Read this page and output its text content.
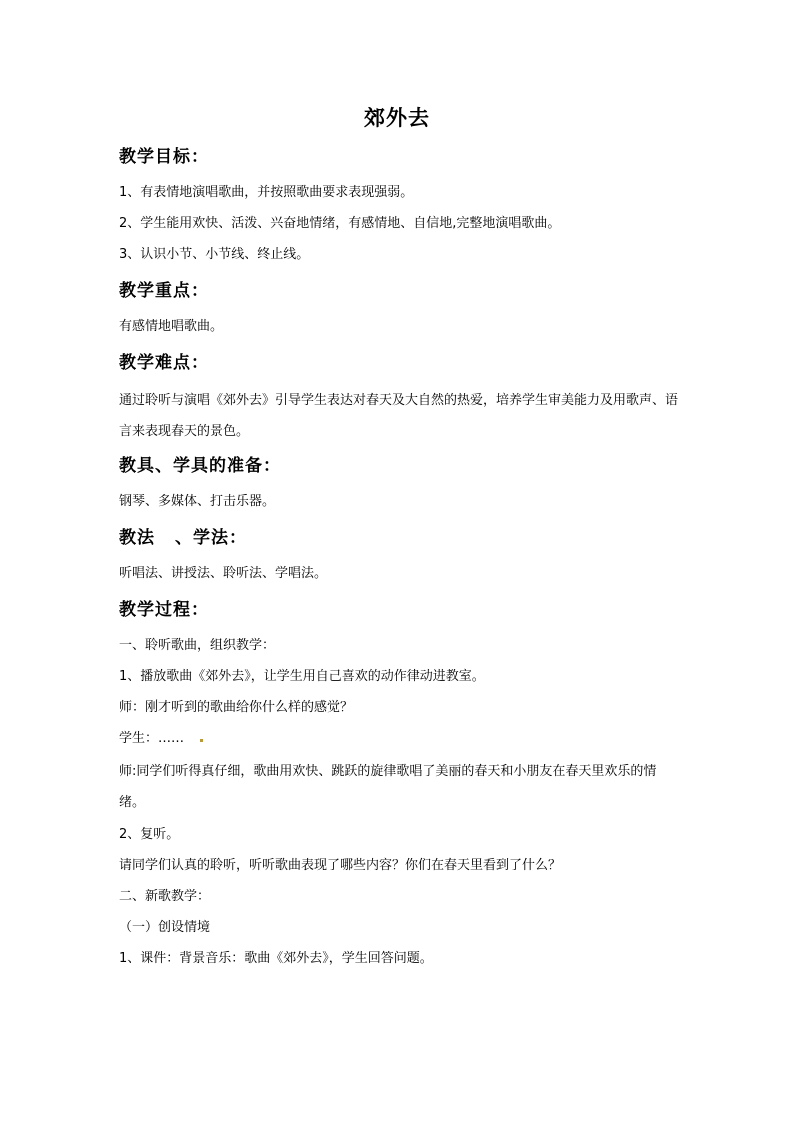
郊外去
教学目标：
1、有表情地演唱歌曲，并按照歌曲要求表现强弱。
2、学生能用欢快、活泼、兴奋地情绪，有感情地、自信地,完整地演唱歌曲。
3、认识小节、小节线、终止线。
教学重点：
有感情地唱歌曲。
教学难点：
通过聆听与演唱《郊外去》引导学生表达对春天及大自然的热爱，培养学生审美能力及用歌声、语言来表现春天的景色。
教具、学具的准备：
钢琴、多媒体、打击乐器。
教法 、学法：
听唱法、讲授法、聆听法、学唱法。
教学过程：
一、聆听歌曲，组织教学：
1、播放歌曲《郊外去》，让学生用自己喜欢的动作律动进教室。
师：刚才听到的歌曲给你什么样的感觉？
学生：……
师:同学们听得真仔细，歌曲用欢快、跳跃的旋律歌唱了美丽的春天和小朋友在春天里欢乐的情绪。
2、复听。
请同学们认真的聆听，听听歌曲表现了哪些内容？你们在春天里看到了什么？
二、新歌教学：
（一）创设情境
1、课件：背景音乐：歌曲《郊外去》，学生回答问题。
